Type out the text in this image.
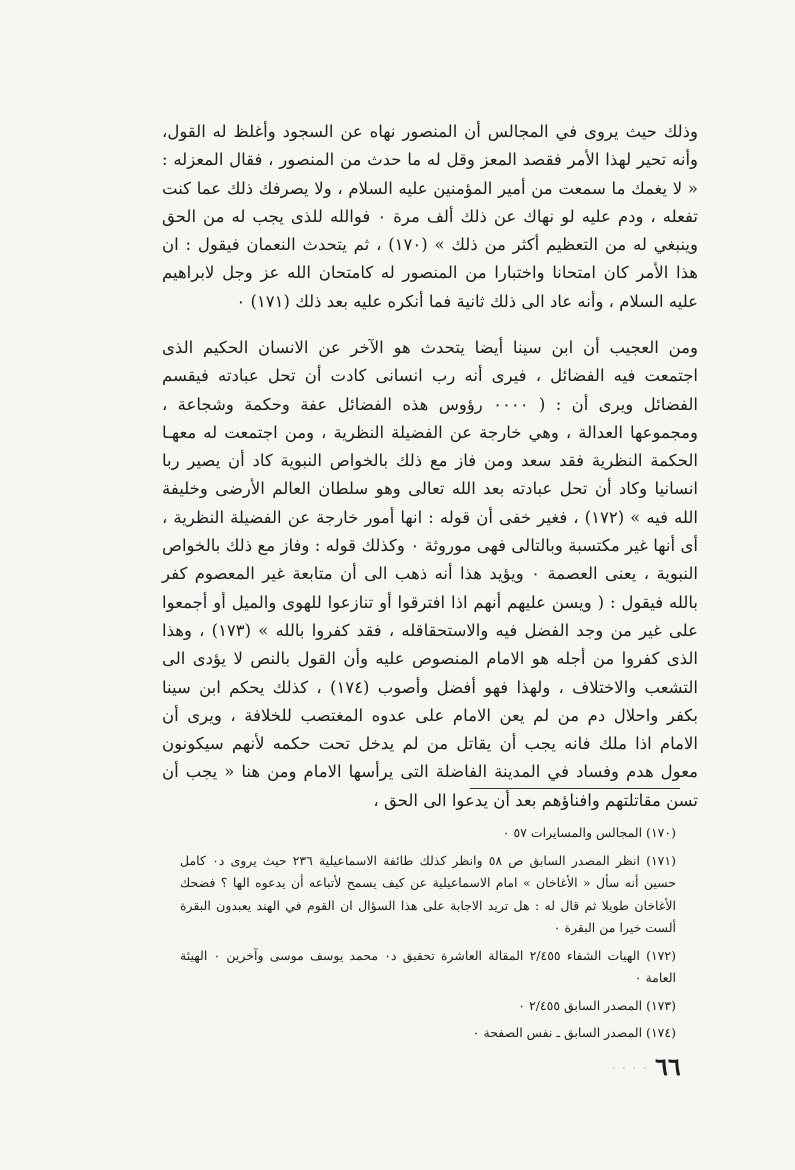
وذلك حيث يروى في المجالس أن المنصور نهاه عن السجود وأغلظ له القول، وأنه تحير لهذا الأمر فقصد المعز وقل له ما حدث من المنصور ، فقال المعزله : « لا يغمك ما سمعت من أمير المؤمنين عليه السلام ، ولا يصرفك ذلك عما كنت تفعله ، ودم عليه لو نهاك عن ذلك ألف مرة ٠ فوالله للذى يجب له من الحق وينبغي له من التعظيم أكثر من ذلك » (١٧٠) ، ثم يتحدث النعمان فيقول : ان هذا الأمر كان امتحانا واختبارا من المنصور له كامتحان الله عز وجل لابراهيم عليه السلام ، وأنه عاد الى ذلك ثانية فما أنكره عليه بعد ذلك (١٧١) ٠

ومن العجيب أن ابن سينا أيضا يتحدث هو الآخر عن الانسان الحكيم الذى اجتمعت فيه الفضائل ، فيرى أنه رب انسانى كادت أن تحل عبادته فيقسم الفضائل ويرى أن : ( ٠٠٠٠ رؤوس هذه الفضائل عفة وحكمة وشجاعة ، ومجموعها العدالة ، وهي خارجة عن الفضيلة النظرية ، ومن اجتمعت له معهـا الحكمة النظرية فقد سعد ومن فاز مع ذلك بالخواص النبوية كاد أن يصير ربا انسانيا وكاد أن تحل عبادته بعد الله تعالى وهو سلطان العالم الأرضى وخليفة الله فيه » (١٧٢) ، فغير خفى أن قوله : انها أمور خارجة عن الفضيلة النظرية ، أى أنها غير مكتسبة وبالتالى فهى موروثة ٠ وكذلك قوله : وفاز مع ذلك بالخواص النبوية ، يعنى العصمة ٠ ويؤيد هذا أنه ذهب الى أن متابعة غير المعصوم كفر بالله فيقول : ( ويسن عليهم أنهم اذا افترقوا أو تنازعوا للهوى والميل أو أجمعوا على غير من وجد الفضل فيه والاستحقاقله ، فقد كفروا بالله » (١٧٣) ، وهذا الذى كفروا من أجله هو الامام المنصوص عليه وأن القول بالنص لا يؤدى الى التشعب والاختلاف ، ولهذا فهو أفضل وأصوب (١٧٤) ، كذلك يحكم ابن سينا بكفر واحلال دم من لم يعن الامام على عدوه المغتصب للخلافة ، ويرى أن الامام اذا ملك فانه يجب أن يقاتل من لم يدخل تحت حكمه لأنهم سيكونون معول هدم وفساد في المدينة الفاضلة التى يرأسها الامام ومن هنا « يجب أن تسن مقاتلتهم وافناؤهم بعد أن يدعوا الى الحق ،

(١٧٠) المجالس والمسايرات ٥٧ ٠

(١٧١) انظر المصدر السابق ص ٥٨ وانظر كذلك طائفة الاسماعيلية ٢٣٦ حيث يروى د٠ كامل حسين أنه سأل « الأغاخان » امام الاسماعيلية عن كيف يسمح لأتباعه أن يدعوه الها ؟ فضحك الأغاخان طويلا ثم قال له : هل تريد الاجابة على هذا السؤال ان القوم في الهند يعبدون البقرة ألست خيرا من البقرة ٠

(١٧٢) الهيات الشفاء ٢/٤٥٥ المقالة العاشرة تحقيق د٠ محمد يوسف موسى وآخرين ٠ الهيئة العامة ٠

(١٧٣) المصدر السابق ٢/٤٥٥ ٠

(١٧٤) المصدر السابق ـ نفس الصفحة ٠

· · · · ٦٦
